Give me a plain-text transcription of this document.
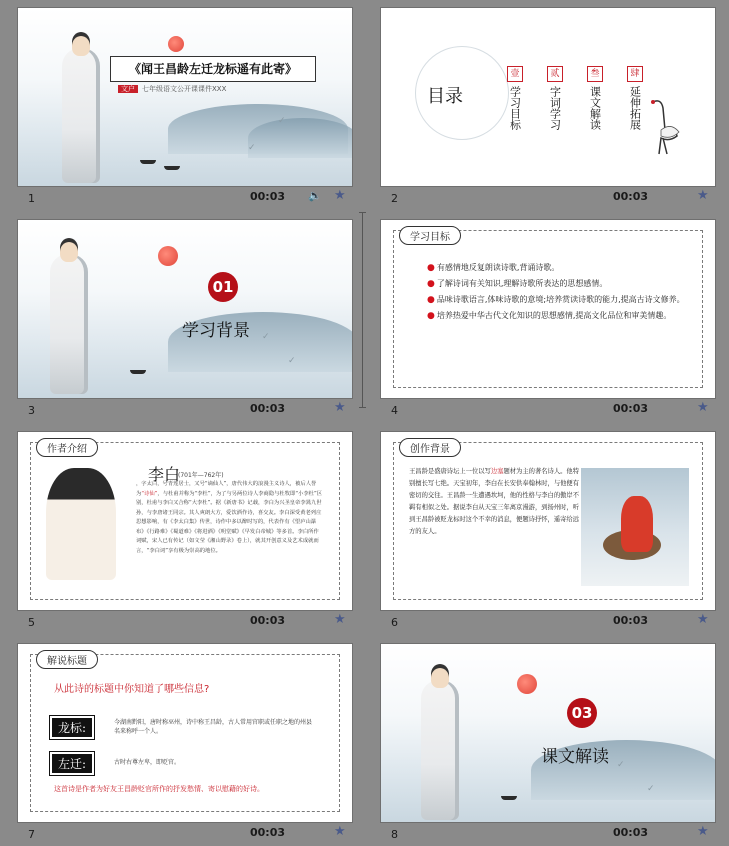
✓
✓
《闻王昌龄左迁龙标遥有此寄》
文户 七年级语文公开课课件XXX
1	00:03 🔈 ★
目录
壹
学习目标
贰
字词学习
叁
课文解读
肆
延伸拓展
2	00:03	★
✓
✓
01
学习背景
3	00:03	★
学习目标
● 有感情地反复朗读诗歌,背诵诗歌。
● 了解诗词有关知识,理解诗歌所表达的思想感情。
● 品味诗歌语言,体味诗歌的意境;培养赏读诗歌的能力,提高古诗文修养。
● 培养热爱中华古代文化知识的思想感情,提高文化品位和审美情趣。
4	00:03	★
作者介绍
李白
(701年—762年)
，字太白，号青莲居士，又号“谪仙人”，唐代伟大的浪漫主义诗人，被后人誉为“诗仙”，与杜甫并称为“李杜”，为了与另两位诗人李商隐与杜牧即“小李杜”区别，杜甫与李白又合称“大李杜”。据《新唐书》记载，李白为兴圣皇帝李暠九世孙，与李唐诸王同宗。其人爽朗大方，爱饮酒作诗，喜交友。李白深受黄老列庄思想影响，有《李太白集》传世，诗作中多以醉时写的，代表作有《望庐山瀑布》《行路难》《蜀道难》《将进酒》《明堂赋》《早发白帝城》等多首。李白所作词赋，宋人已有传记（如文莹《湘山野录》卷上），就其开创意义及艺术成就而言，“李白词”享有极为崇高的地位。
5	00:03	★
创作背景
王昌龄是盛唐诗坛上一位以写边塞题材为主的著名诗人。他特别擅长写七绝。天宝初年，李白在长安供奉翰林时，与他便有密切的交往。王昌龄一生遭遇坎坷，他的性格与李白的傲岸不羁有相似之处。据说李白从天宝三年离京漫游，到扬州时，听到王昌龄被贬龙标时这个不幸的消息，便题诗抒怀，遥寄给远方的友人。
6	00:03	★
解说标题
从此诗的标题中你知道了哪些信息?
龙标:	今湖南黔阳，唐时称巫州，诗中称王昌龄，古人常用官职或任职之地的州县名来称呼一个人。
左迁:	古时右尊左卑，即贬官。
这首诗是作者为好友王昌龄贬官所作的抒发愁情、寄以慰藉的好诗。
7	00:03	★
✓
✓
03
课文解读
8	00:03	★
